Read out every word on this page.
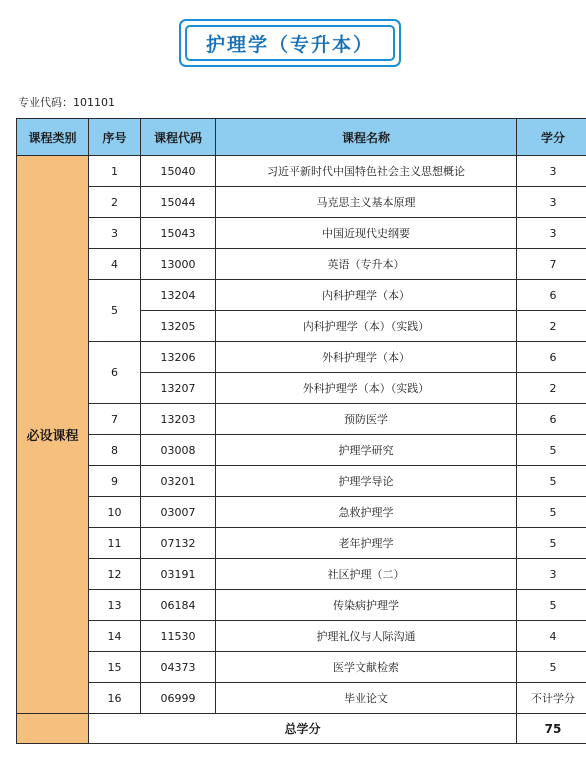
护理学（专升本）
专业代码：101101
课程类别	序号	课程代码	课程名称	学分
必设课程	1	15040	习近平新时代中国特色社会主义思想概论	3
	2	15044	马克思主义基本原理	3
	3	15043	中国近现代史纲要	3
	4	13000	英语（专升本）	7
	5	13204	内科护理学（本）	6
		13205	内科护理学（本）（实践）	2
	6	13206	外科护理学（本）	6
		13207	外科护理学（本）（实践）	2
	7	13203	预防医学	6
	8	03008	护理学研究	5
	9	03201	护理学导论	5
	10	03007	急救护理学	5
	11	07132	老年护理学	5
	12	03191	社区护理（二）	3
	13	06184	传染病护理学	5
	14	11530	护理礼仪与人际沟通	4
	15	04373	医学文献检索	5
	16	06999	毕业论文	不计学分
	总学分			75
